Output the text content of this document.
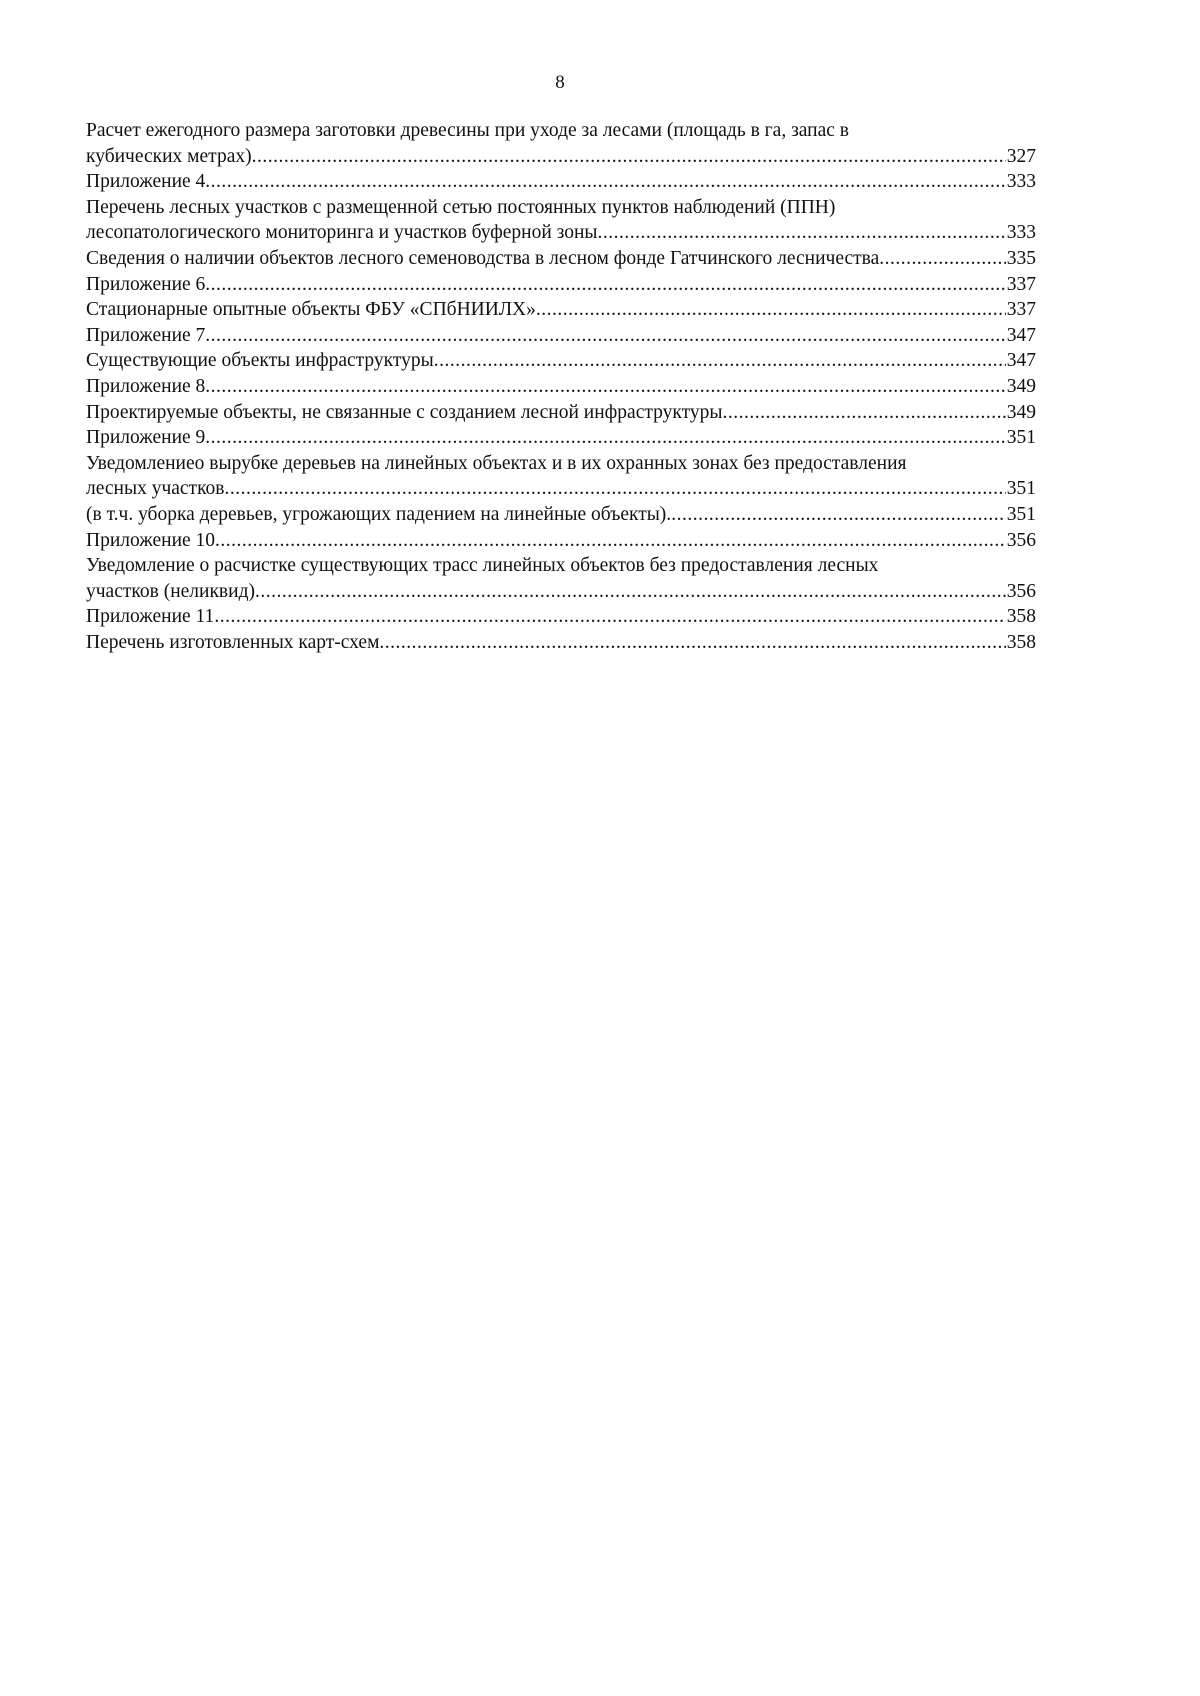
8
Расчет ежегодного размера заготовки древесины при уходе за лесами (площадь в га, запас в
кубических метрах) .....	327
Приложение 4 .....	333
Перечень лесных участков с размещенной сетью постоянных пунктов наблюдений (ППН)
лесопатологического мониторинга и участков буферной зоны .....	333
Сведения о наличии объектов лесного семеноводства в лесном фонде Гатчинского лесничества .....	335
Приложение 6 .....	337
Стационарные опытные объекты ФБУ «СПбНИИЛХ» .....	337
Приложение 7 .....	347
Существующие объекты инфраструктуры .....	347
Приложение 8 .....	349
Проектируемые объекты, не связанные с созданием лесной инфраструктуры .....	349
Приложение 9 .....	351
Уведомлениео вырубке деревьев на линейных объектах и в их охранных зонах без предоставления
лесных участков .....	351
(в т.ч. уборка деревьев, угрожающих падением на линейные объекты). .....	351
Приложение 10 .....	356
Уведомление о расчистке существующих трасс линейных объектов без предоставления лесных
участков (неликвид) .....	356
Приложение 11 .....	358
Перечень изготовленных карт-схем .....	358
